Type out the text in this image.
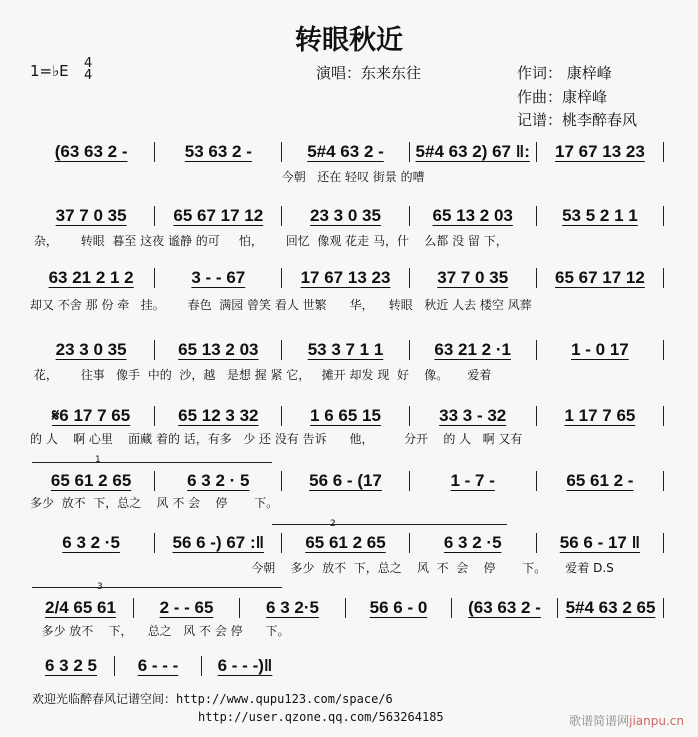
转眼秋近
1=♭E 4
4	演唱：东来东往	作词： 康梓峰
作曲：康梓峰
记谱：桃李醉春风
(63 63 2 -	53 63 2 -	5#4 63 2 -	5#4 63 2) 67 ‖:	17 67 13 23
今朝   还在 轻叹 街景 的嘈
37 7 0 35	65 67 17 12	23 3 0 35	65 13 2 03	53 5 2 1 1
杂，      转眼  暮至 这夜 谧静 的可     怕，      回忆  像观 花走 马，什    么都 没 留 下，
63 21 2 1 2	3 - - 67	17 67 13 23	37 7 0 35	65 67 17 12
却又 不舍 那 份 牵   挂。      春色  满园 曾笑 看人 世繁      华，    转眼   秋近 人去 楼空 风葬
23 3 0 35	65 13 2 03	53 3 7 1 1	63 21 2 ·1	1 - 0 17
花，      往事   像手  中的  沙，越   是想 握 紧 它，   摊开 却发 现  好    像。     爱着
𝄋6 17 7 65	65 12 3 32	1 6 65 15	33 3 - 32	1 17 7 65
的 人    啊 心里    面藏 着的 话，有多   少 还 没有 告诉      他，        分开    的 人   啊 又有
65 61 2 65	6 3 2 · 5	56 6 - (17	1 - 7 -	65 61 2 -
多少  放不  下，总之    风 不 会    停       下。
6 3 2 ·5	56 6 -) 67 :‖	65 61 2 65	6 3 2 ·5	56 6 - 17 ‖
今朝    多少  放不  下，总之    风  不  会    停       下。     爱着 D.S
2/4 65 61	2 - - 65	6 3 2·5	56 6 - 0	(63 63 2 -	5#4 63 2 65
多少 放不    下，    总之   风 不 会 停      下。
6 3 2 5	6 - - -	6 - - -)‖
1
2
3
欢迎光临醉春风记谱空间：http://www.qupu123.com/space/6
http://user.qzone.qq.com/563264185	歌谱简谱网jianpu.cn
